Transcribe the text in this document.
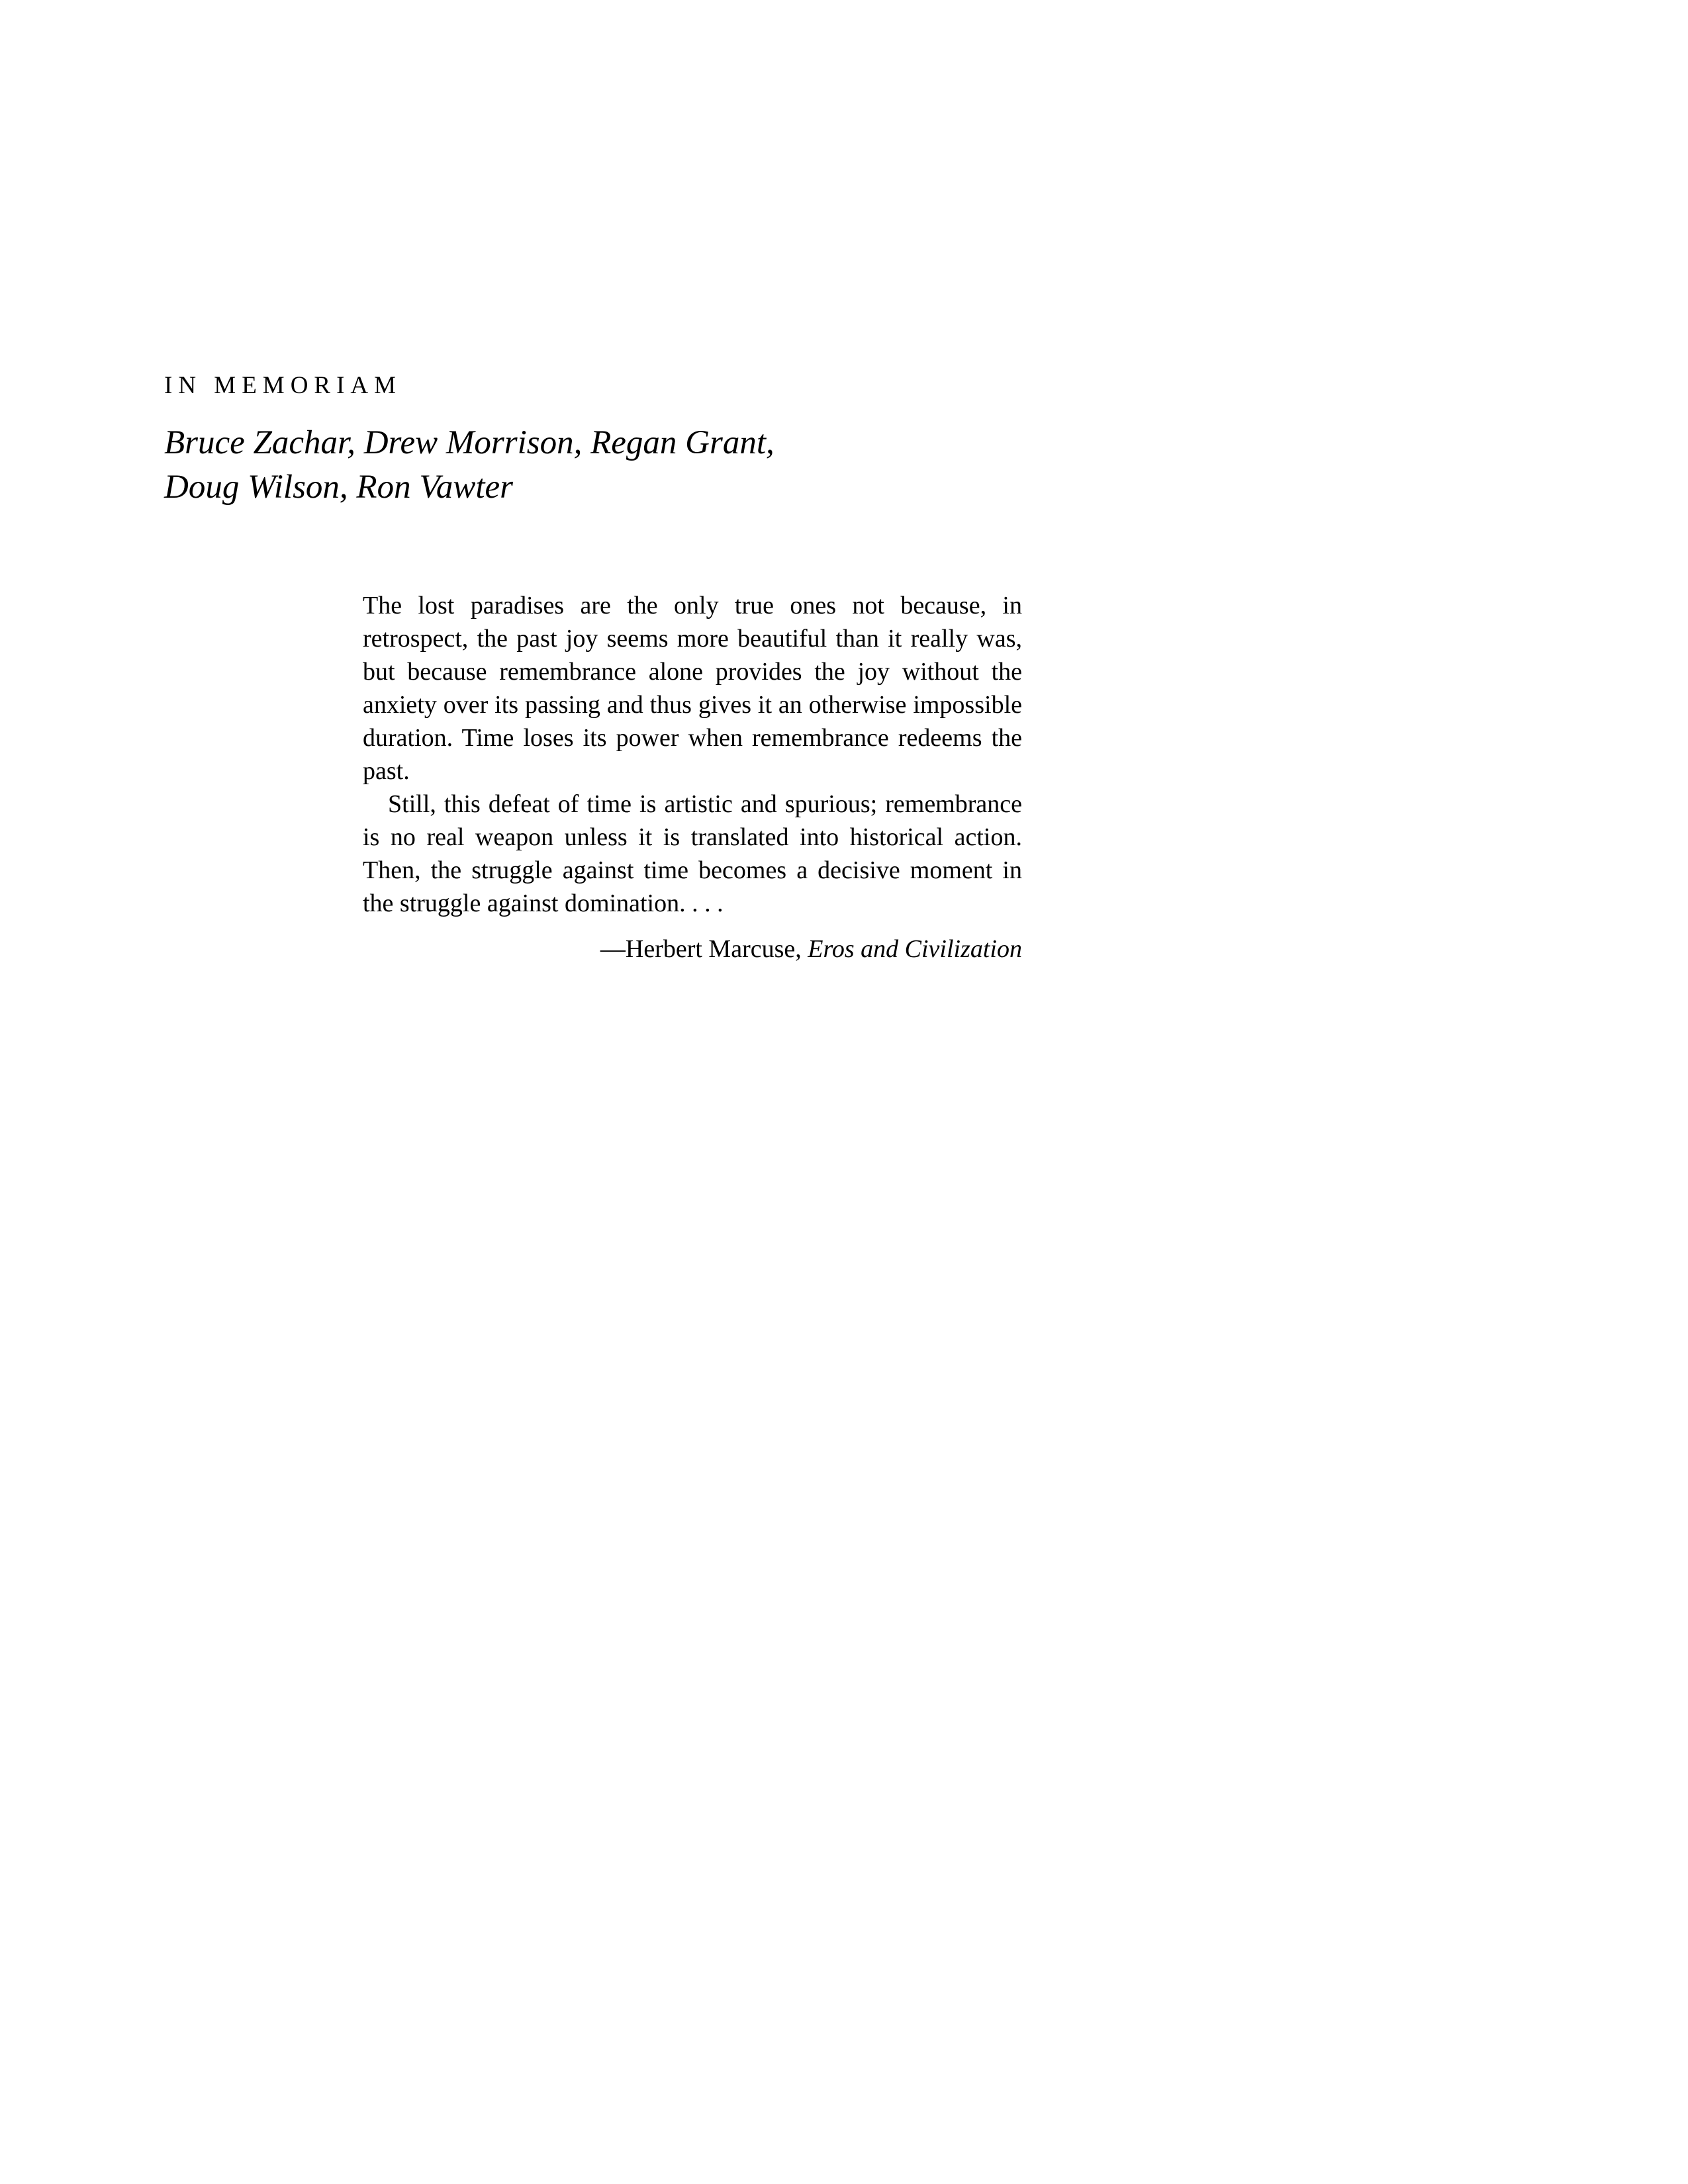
IN MEMORIAM
Bruce Zachar, Drew Morrison, Regan Grant,
Doug Wilson, Ron Vawter

The lost paradises are the only true ones not because, in retrospect, the past joy seems more beautiful than it really was, but because remembrance alone provides the joy without the anxiety over its passing and thus gives it an otherwise impossible duration. Time loses its power when remembrance redeems the past.

Still, this defeat of time is artistic and spurious; remembrance is no real weapon unless it is translated into historical action. Then, the struggle against time becomes a decisive moment in the struggle against domination. . . .

—Herbert Marcuse, Eros and Civilization
